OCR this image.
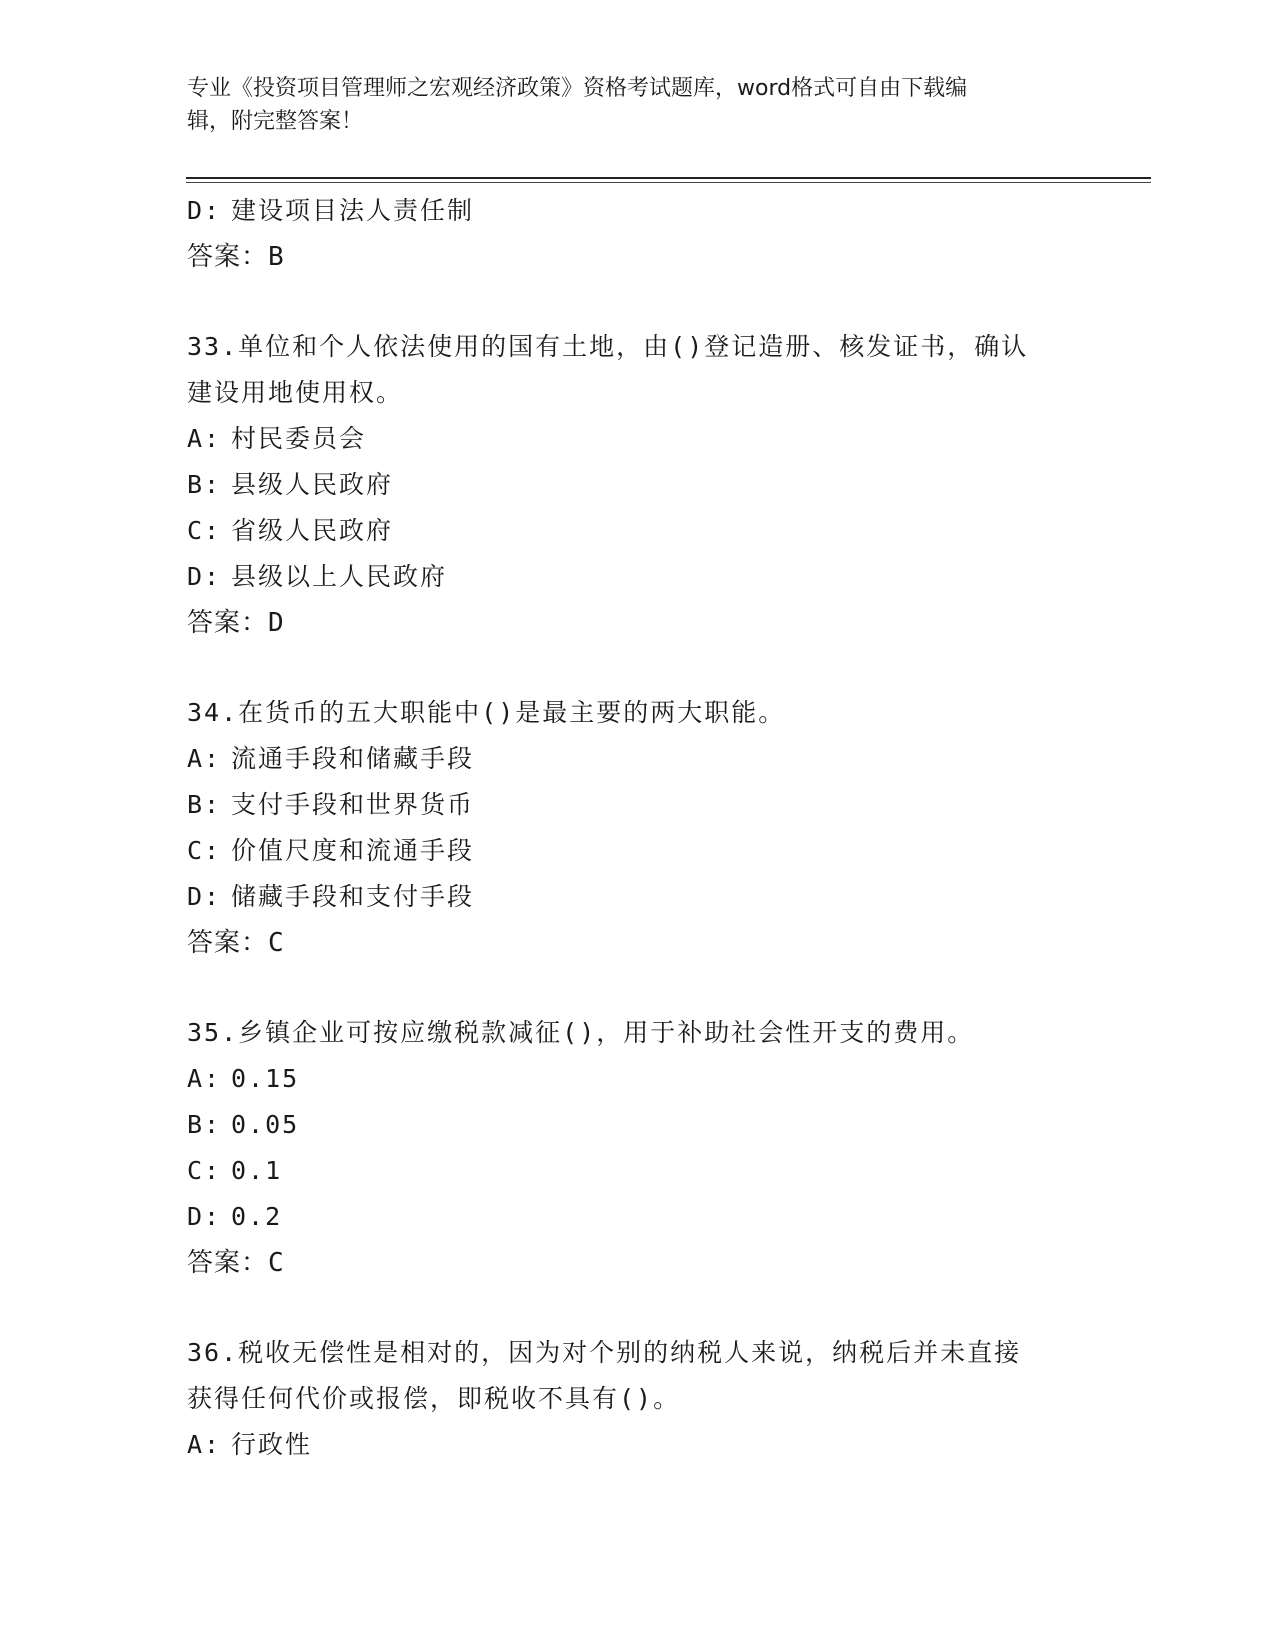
专业《投资项目管理师之宏观经济政策》资格考试题库，word格式可自由下载编
辑，附完整答案！

D: 建设项目法人责任制

答案：B

33.单位和个人依法使用的国有土地，由()登记造册、核发证书，确认

建设用地使用权。

A: 村民委员会

B: 县级人民政府

C: 省级人民政府

D: 县级以上人民政府

答案：D

34.在货币的五大职能中()是最主要的两大职能。

A: 流通手段和储藏手段

B: 支付手段和世界货币

C: 价值尺度和流通手段

D: 储藏手段和支付手段

答案：C

35.乡镇企业可按应缴税款减征()，用于补助社会性开支的费用。

A: 0.15

B: 0.05

C: 0.1

D: 0.2

答案：C

36.税收无偿性是相对的，因为对个别的纳税人来说，纳税后并未直接

获得任何代价或报偿，即税收不具有()。

A: 行政性
